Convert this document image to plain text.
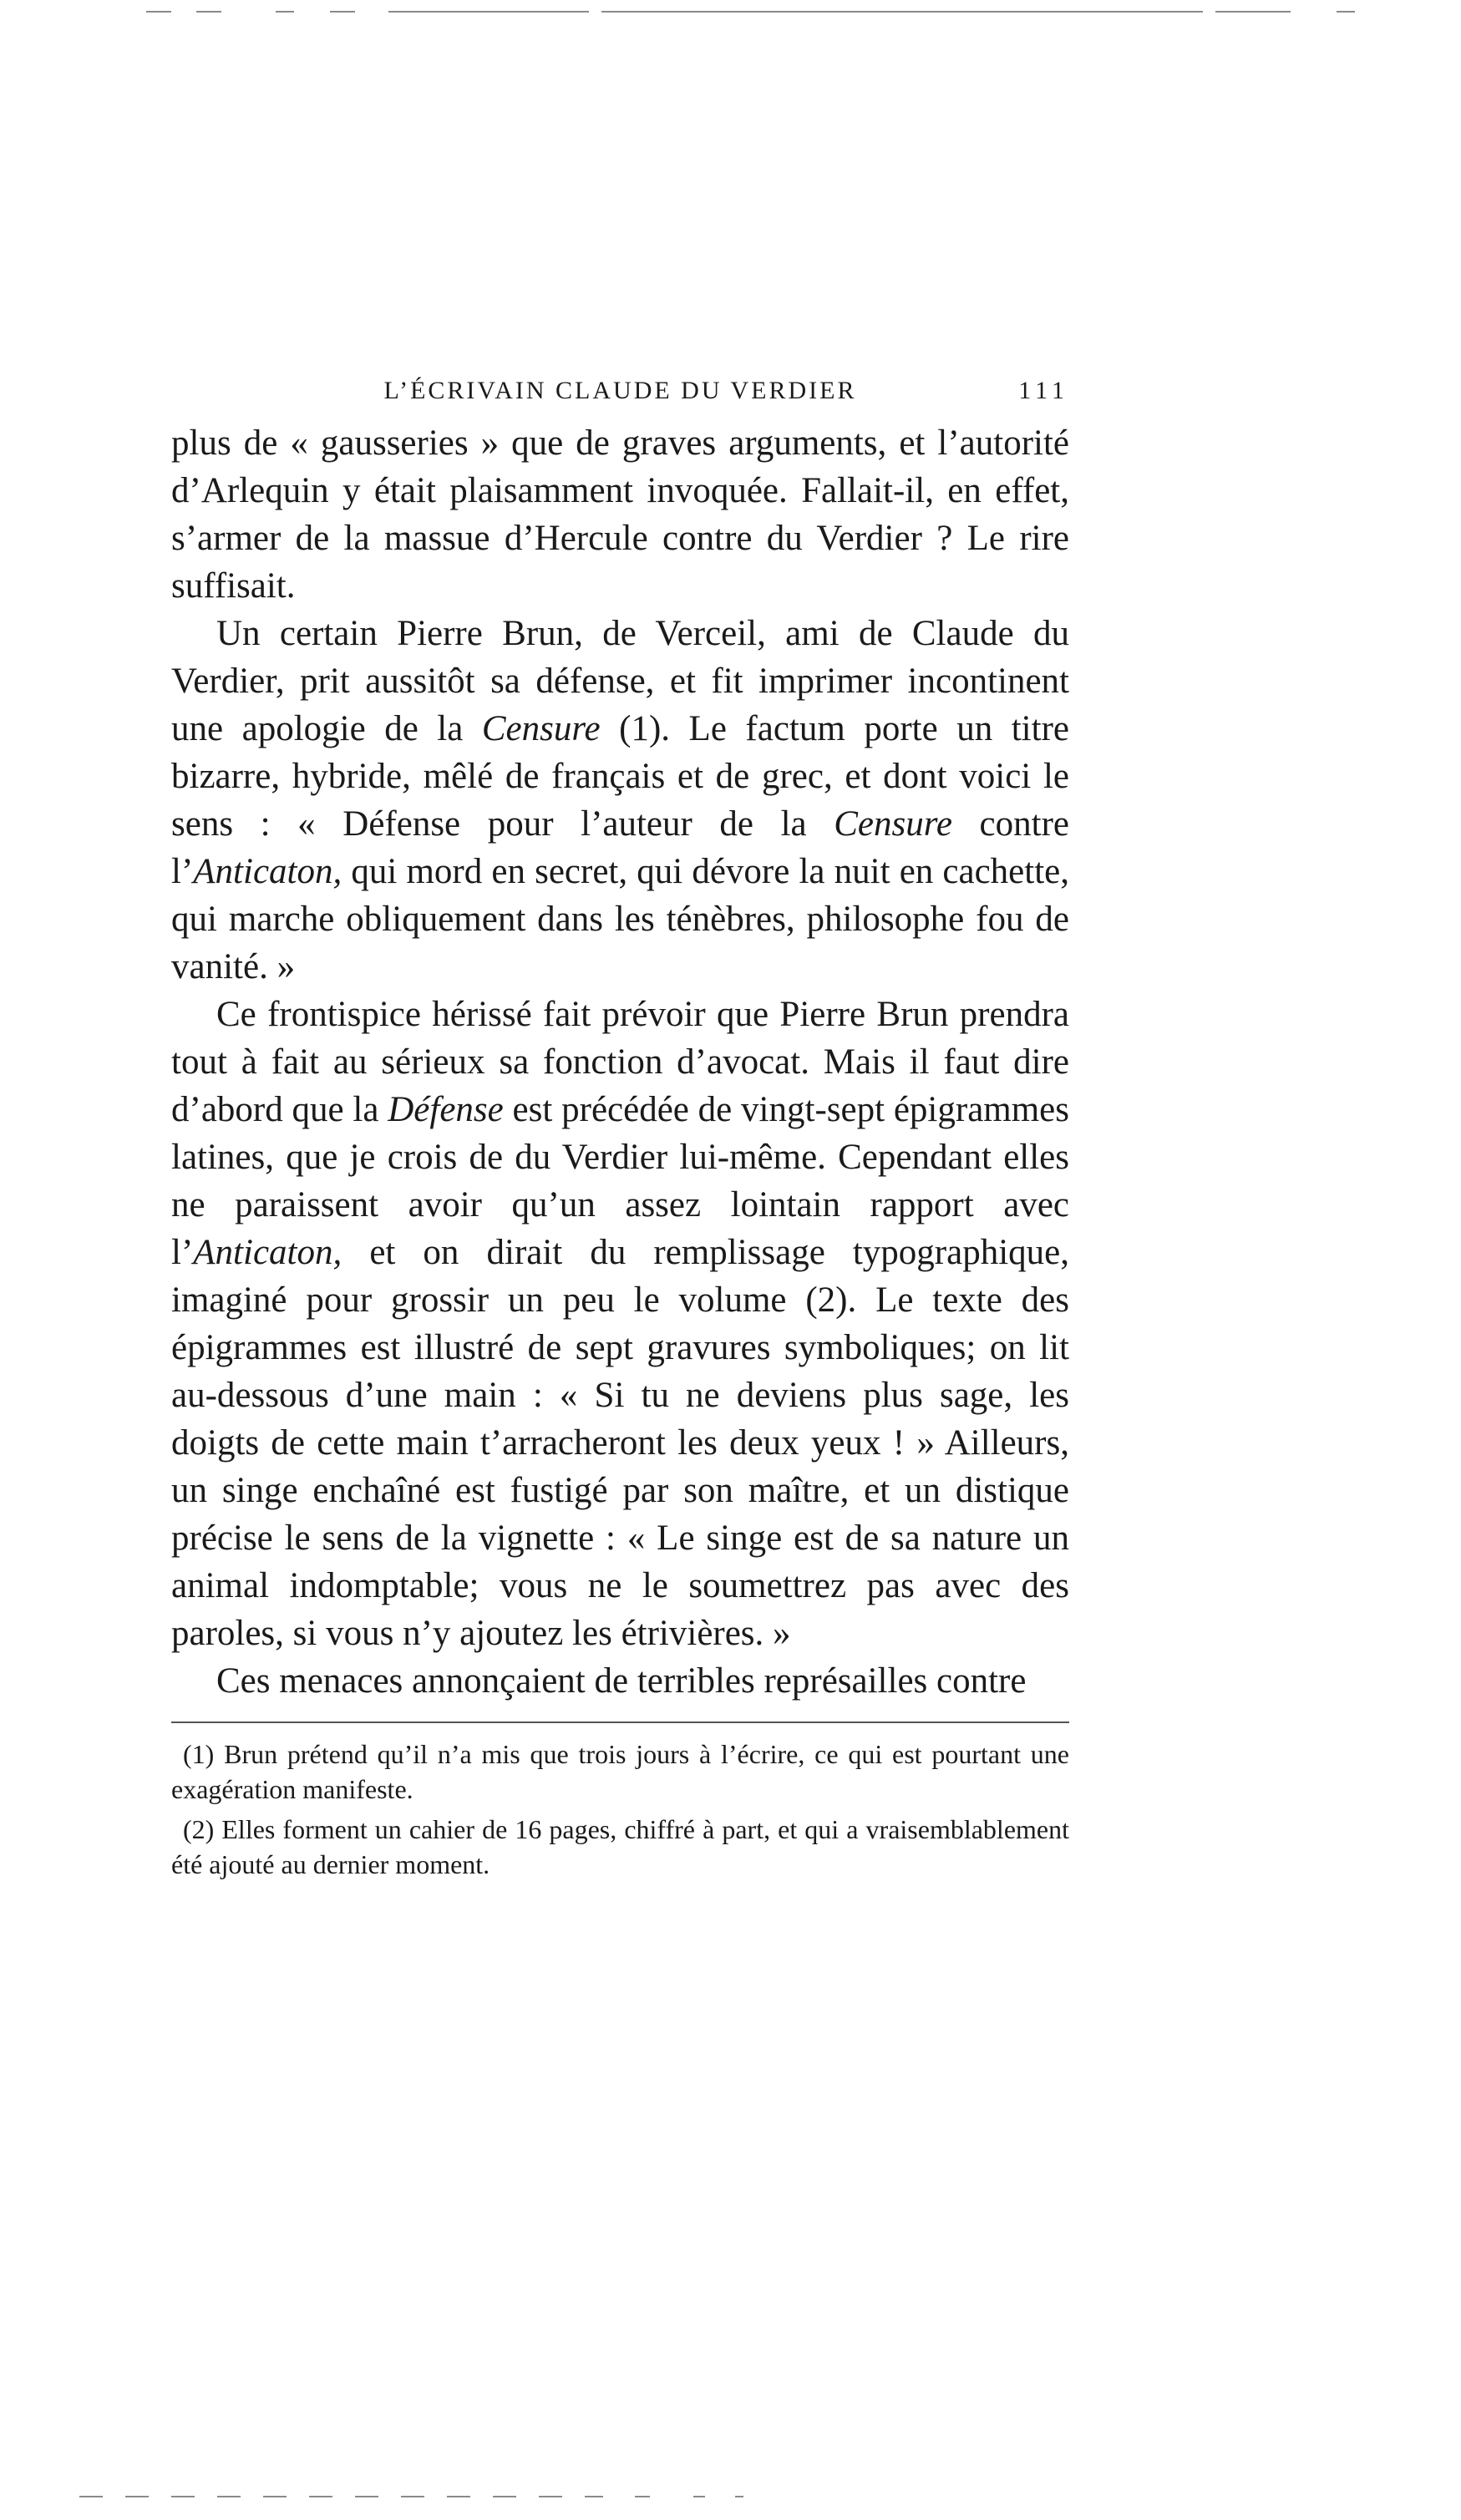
L’ÉCRIVAIN CLAUDE DU VERDIER	111

plus de « gausseries » que de graves arguments, et l’autorité d’Arlequin y était plaisamment invoquée. Fallait-il, en effet, s’armer de la massue d’Hercule contre du Verdier ? Le rire suffisait.

Un certain Pierre Brun, de Verceil, ami de Claude du Verdier, prit aussitôt sa défense, et fit imprimer incontinent une apologie de la Censure (1). Le factum porte un titre bizarre, hybride, mêlé de français et de grec, et dont voici le sens : « Défense pour l’auteur de la Censure contre l’Anticaton, qui mord en secret, qui dévore la nuit en cachette, qui marche obliquement dans les ténèbres, philosophe fou de vanité. »

Ce frontispice hérissé fait prévoir que Pierre Brun prendra tout à fait au sérieux sa fonction d’avocat. Mais il faut dire d’abord que la Défense est précédée de vingt-sept épigrammes latines, que je crois de du Verdier lui-même. Cependant elles ne paraissent avoir qu’un assez lointain rapport avec l’Anticaton, et on dirait du remplissage typographique, imaginé pour grossir un peu le volume (2). Le texte des épigrammes est illustré de sept gravures symboliques; on lit au-dessous d’une main : « Si tu ne deviens plus sage, les doigts de cette main t’arracheront les deux yeux ! » Ailleurs, un singe enchaîné est fustigé par son maître, et un distique précise le sens de la vignette : « Le singe est de sa nature un animal indomptable; vous ne le soumettrez pas avec des paroles, si vous n’y ajoutez les étrivières. »

Ces menaces annonçaient de terribles représailles contre

(1) Brun prétend qu’il n’a mis que trois jours à l’écrire, ce qui est pourtant une exagération manifeste.

(2) Elles forment un cahier de 16 pages, chiffré à part, et qui a vraisemblablement été ajouté au dernier moment.
